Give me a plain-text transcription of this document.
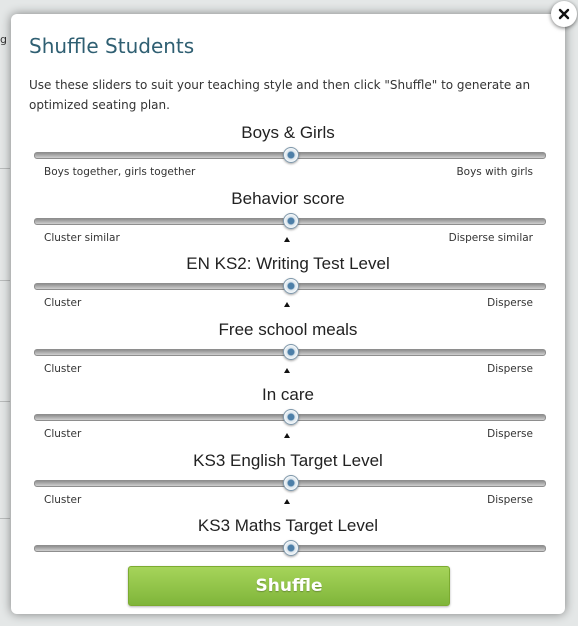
g Shuffle Students

Use these sliders to suit your teaching style and then click "Shuffle" to generate an optimized seating plan.

Boys & Girls
Boys together, girls together	Boys with girls
Behavior score
Cluster similar	Disperse similar
EN KS2: Writing Test Level
Cluster	Disperse
Free school meals
Cluster	Disperse
In care
Cluster	Disperse
KS3 English Target Level
Cluster	Disperse
KS3 Maths Target Level
Shuffle
